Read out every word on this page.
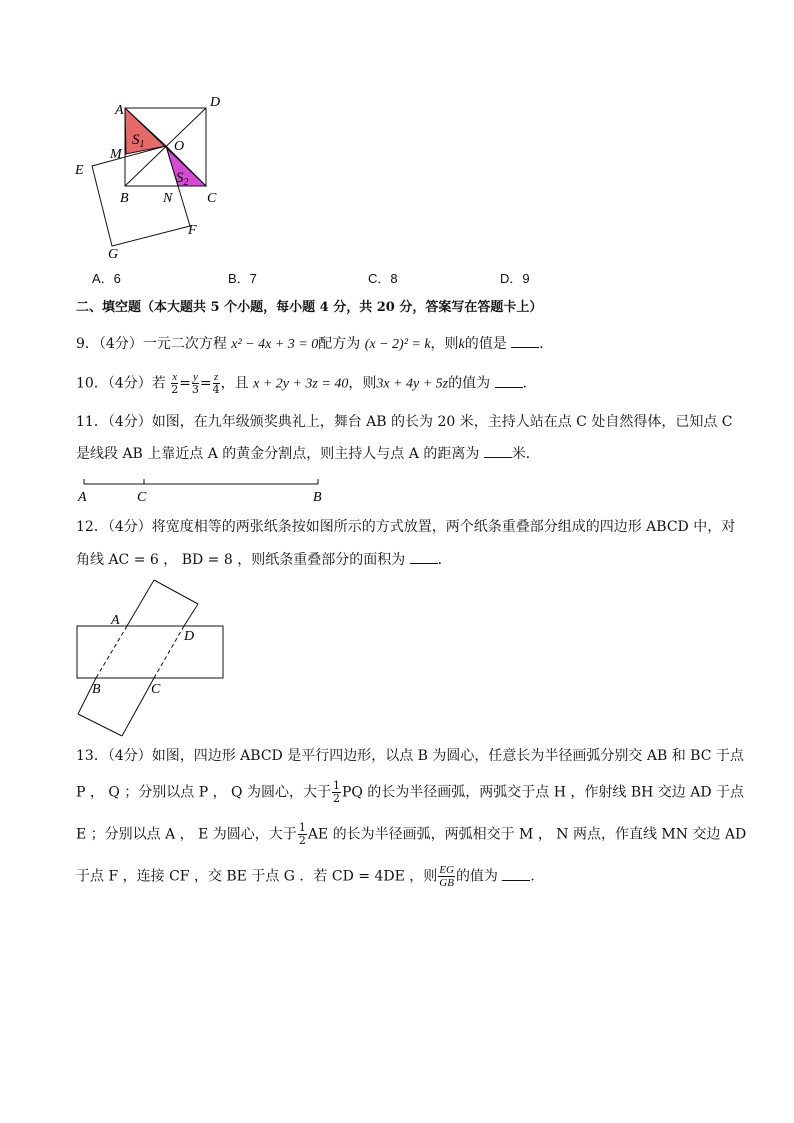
A
D
M
O
E
B N C
F
G
$S_1$
$S_2$
A．6	B．7	C．8	D．9
二、填空题（本大题共 5 个小题，每小题 4 分，共 20 分，答案写在答题卡上）
9．（4分）一元二次方程 x² − 4x + 3 = 0配方为 (x − 2)² = k，则k的值是 ．
10．（4分）若 $\frac{x}{2} = \frac{y}{3} = \frac{z}{4}$ ，且 x + 2y + 3z = 40，则3x + 4y + 5z的值为 ．
11．（4分）如图，在九年级颁奖典礼上，舞台 AB 的长为 20 米，主持人站在点 C 处自然得体，已知点 C
是线段 AB 上靠近点 A 的黄金分割点，则主持人与点 A 的距离为 米．
A	C	B
12．（4分）将宽度相等的两张纸条按如图所示的方式放置，两个纸条重叠部分组成的四边形 ABCD 中，对
角线 AC = 6 ， BD = 8 ，则纸条重叠部分的面积为 ．
A
D
B	C
13．（4分）如图，四边形 ABCD 是平行四边形，以点 B 为圆心，任意长为半径画弧分别交 AB 和 BC 于点
P ， Q ；分别以点 P ， Q 为圆心，大于 $\frac{1}{2}$ PQ 的长为半径画弧，两弧交于点 H ，作射线 BH 交边 AD 于点
E ；分别以点 A ， E 为圆心，大于 $\frac{1}{2}$ AE 的长为半径画弧，两弧相交于 M ， N 两点，作直线 MN 交边 AD
于点 F ，连接 CF ，交 BE 于点 G ．若 CD = 4DE ，则 $\frac{EG}{GB}$ 的值为 ．
